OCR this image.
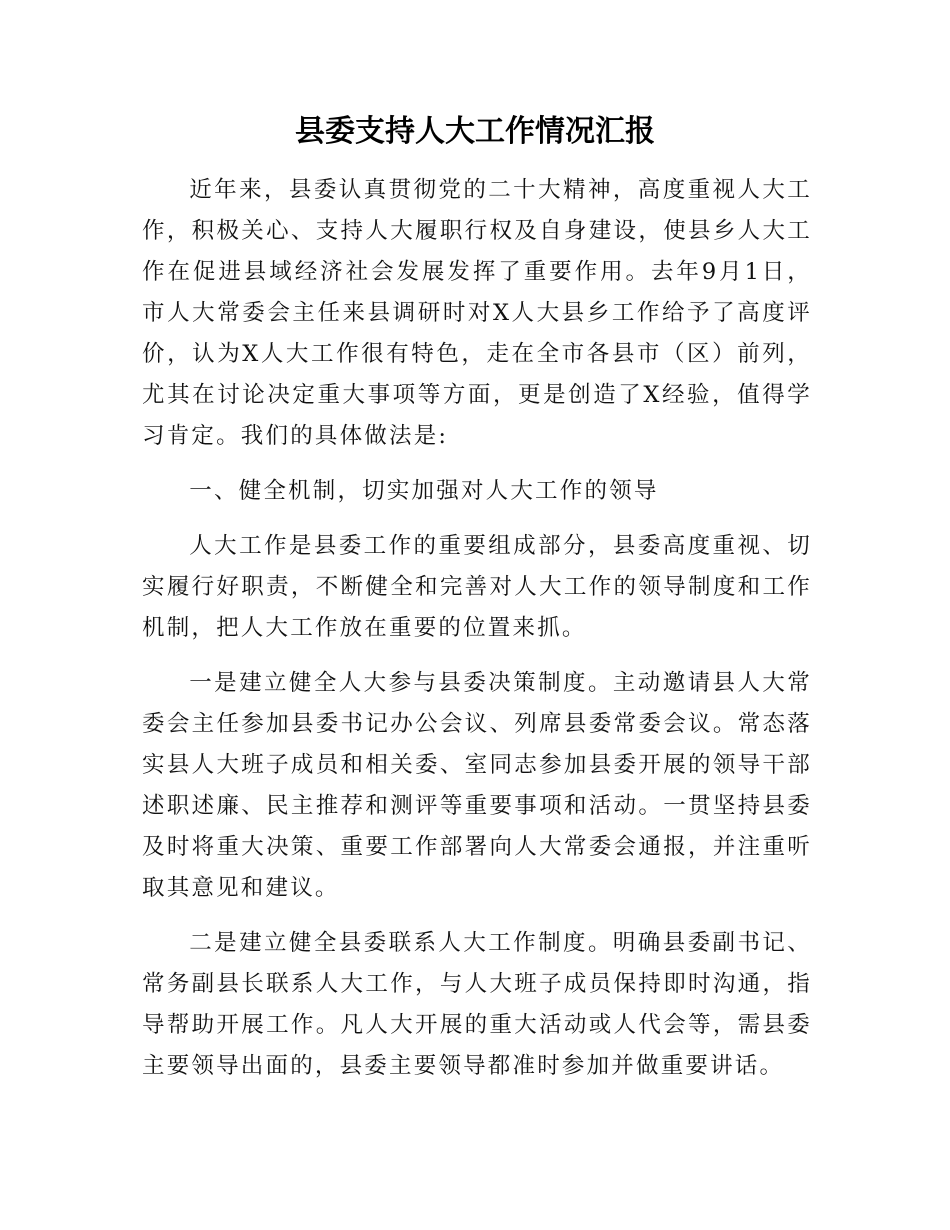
县委支持人大工作情况汇报

近年来，县委认真贯彻党的二十大精神，高度重视人大工作，积极关心、支持人大履职行权及自身建设，使县乡人大工作在促进县域经济社会发展发挥了重要作用。去年9月1日，市人大常委会主任来县调研时对X人大县乡工作给予了高度评价，认为X人大工作很有特色，走在全市各县市（区）前列，尤其在讨论决定重大事项等方面，更是创造了X经验，值得学习肯定。我们的具体做法是:

一、健全机制，切实加强对人大工作的领导

人大工作是县委工作的重要组成部分，县委高度重视、切实履行好职责，不断健全和完善对人大工作的领导制度和工作机制，把人大工作放在重要的位置来抓。

一是建立健全人大参与县委决策制度。主动邀请县人大常委会主任参加县委书记办公会议、列席县委常委会议。常态落实县人大班子成员和相关委、室同志参加县委开展的领导干部述职述廉、民主推荐和测评等重要事项和活动。一贯坚持县委及时将重大决策、重要工作部署向人大常委会通报，并注重听取其意见和建议。

二是建立健全县委联系人大工作制度。明确县委副书记、常务副县长联系人大工作，与人大班子成员保持即时沟通，指导帮助开展工作。凡人大开展的重大活动或人代会等，需县委主要领导出面的，县委主要领导都准时参加并做重要讲话。
